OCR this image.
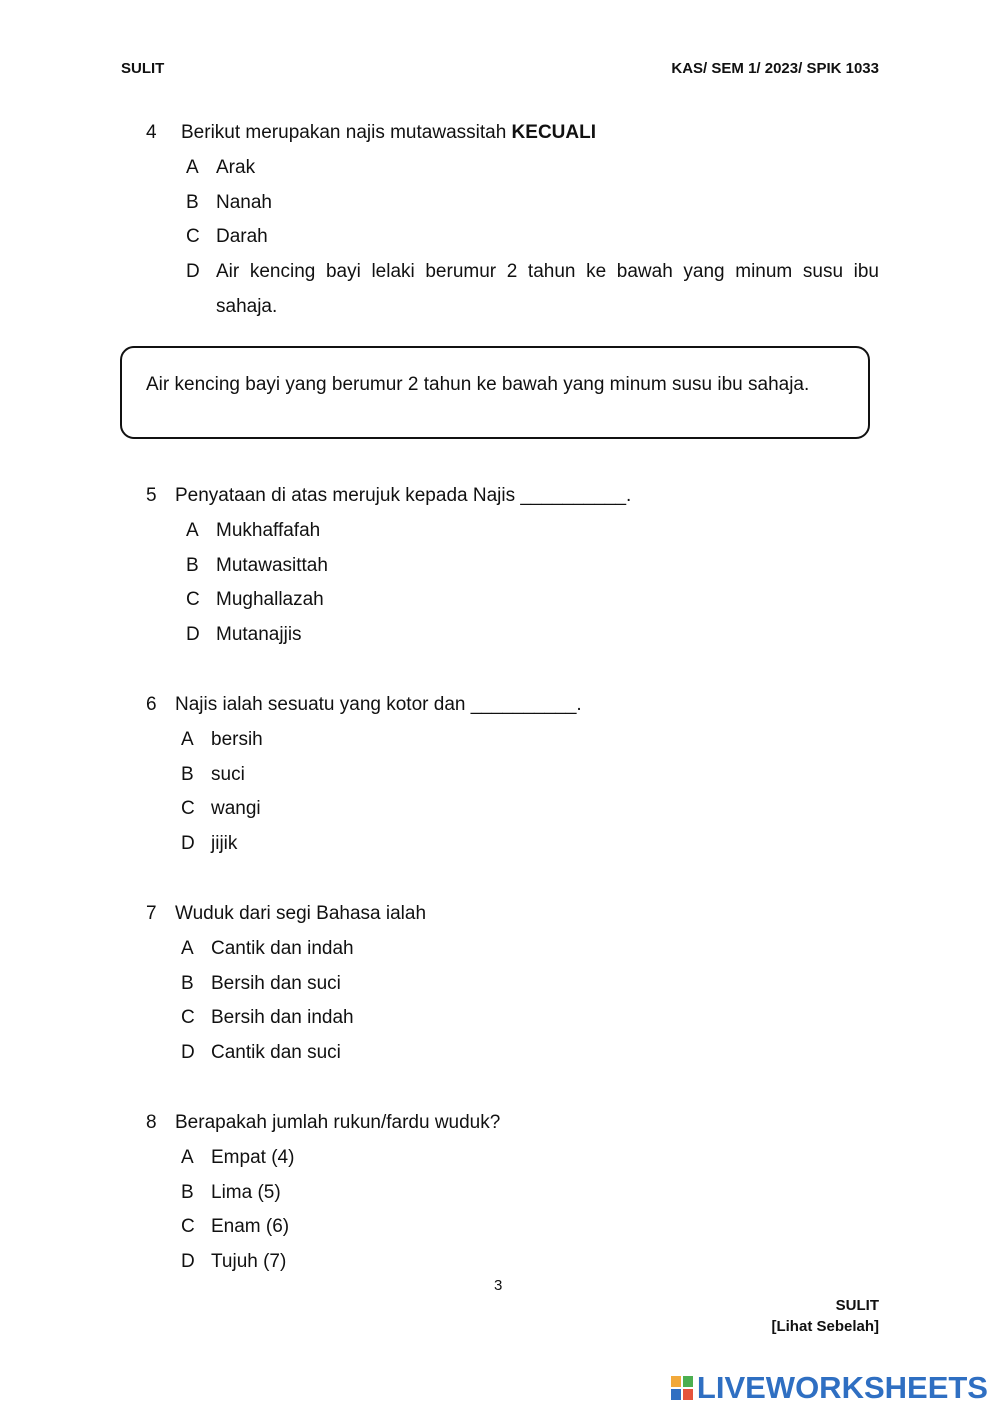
SULIT	KAS/ SEM 1/ 2023/ SPIK 1033
4 Berikut merupakan najis mutawassitah KECUALI
A Arak
B Nanah
C Darah
D Air kencing bayi lelaki berumur 2 tahun ke bawah yang minum susu ibu sahaja.
Air kencing bayi yang berumur 2 tahun ke bawah yang minum susu ibu sahaja.
5 Penyataan di atas merujuk kepada Najis __________.
A Mukhaffafah
B Mutawasittah
C Mughallazah
D Mutanajjis
6 Najis ialah sesuatu yang kotor dan __________.
A bersih
B suci
C wangi
D jijik
7 Wuduk dari segi Bahasa ialah
A Cantik dan indah
B Bersih dan suci
C Bersih dan indah
D Cantik dan suci
8 Berapakah jumlah rukun/fardu wuduk?
A Empat (4)
B Lima (5)
C Enam (6)
D Tujuh (7)
3
SULIT
[Lihat Sebelah]
LIVEWORKSHEETS
